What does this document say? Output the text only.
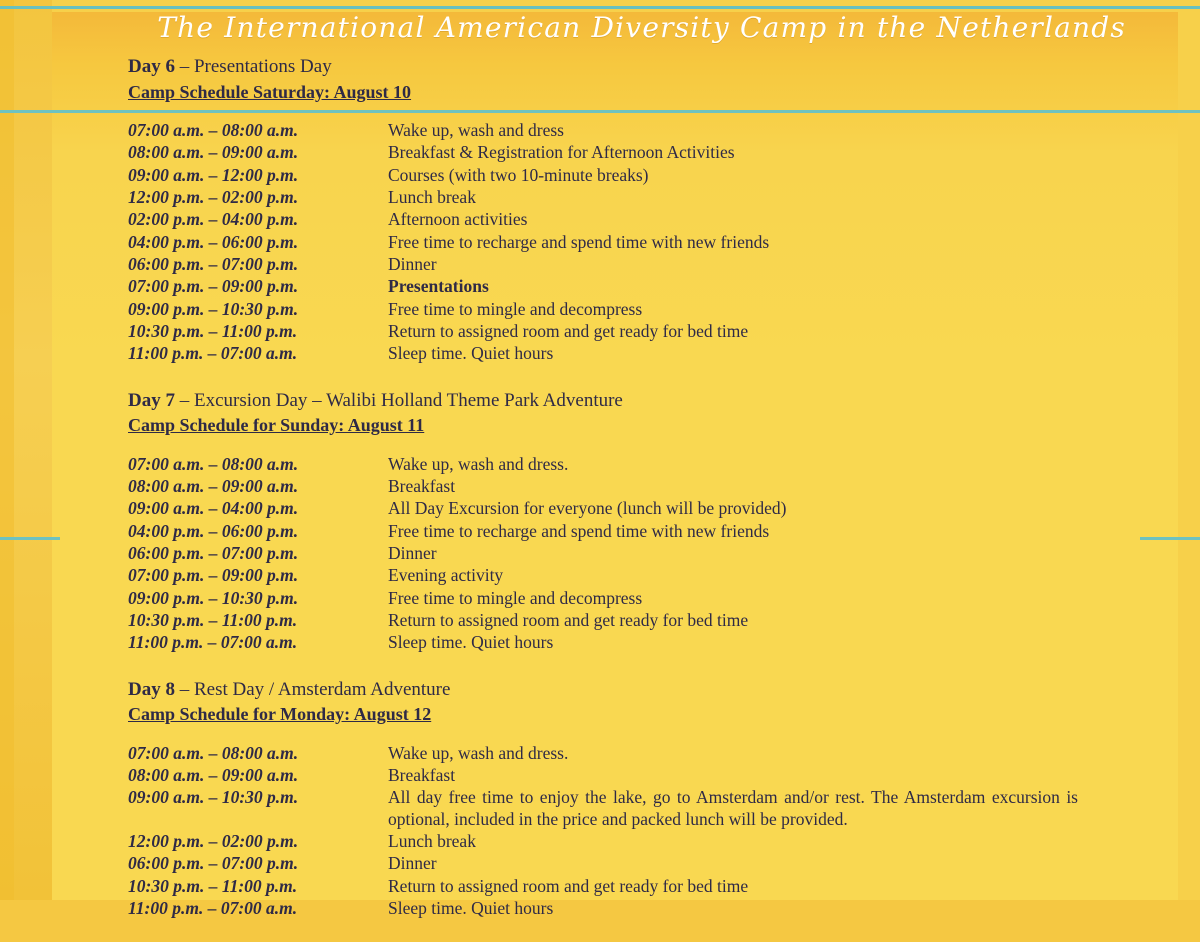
The International American Diversity Camp in the Netherlands
Day 6 – Presentations Day
Camp Schedule Saturday: August 10
07:00 a.m. – 08:00 a.m.	Wake up, wash and dress
08:00 a.m. – 09:00 a.m.	Breakfast & Registration for Afternoon Activities
09:00 a.m. – 12:00 p.m.	Courses (with two 10-minute breaks)
12:00 p.m. – 02:00 p.m.	Lunch break
02:00 p.m. – 04:00 p.m.	Afternoon activities
04:00 p.m. – 06:00 p.m.	Free time to recharge and spend time with new friends
06:00 p.m. – 07:00 p.m.	Dinner
07:00 p.m. – 09:00 p.m.	Presentations
09:00 p.m. – 10:30 p.m.	Free time to mingle and decompress
10:30 p.m. – 11:00 p.m.	Return to assigned room and get ready for bed time
11:00 p.m. – 07:00 a.m.	Sleep time. Quiet hours
Day 7 – Excursion Day – Walibi Holland Theme Park Adventure
Camp Schedule for Sunday: August 11
07:00 a.m. – 08:00 a.m.	Wake up, wash and dress.
08:00 a.m. – 09:00 a.m.	Breakfast
09:00 a.m. – 04:00 p.m.	All Day Excursion for everyone (lunch will be provided)
04:00 p.m. – 06:00 p.m.	Free time to recharge and spend time with new friends
06:00 p.m. – 07:00 p.m.	Dinner
07:00 p.m. – 09:00 p.m.	Evening activity
09:00 p.m. – 10:30 p.m.	Free time to mingle and decompress
10:30 p.m. – 11:00 p.m.	Return to assigned room and get ready for bed time
11:00 p.m. – 07:00 a.m.	Sleep time. Quiet hours
Day 8 – Rest Day / Amsterdam Adventure
Camp Schedule for Monday: August 12
07:00 a.m. – 08:00 a.m.	Wake up, wash and dress.
08:00 a.m. – 09:00 a.m.	Breakfast
09:00 a.m. – 10:30 p.m.	All day free time to enjoy the lake, go to Amsterdam and/or rest. The Amsterdam excursion is optional, included in the price and packed lunch will be provided.
12:00 p.m. – 02:00 p.m.	Lunch break
06:00 p.m. – 07:00 p.m.	Dinner
10:30 p.m. – 11:00 p.m.	Return to assigned room and get ready for bed time
11:00 p.m. – 07:00 a.m.	Sleep time. Quiet hours
